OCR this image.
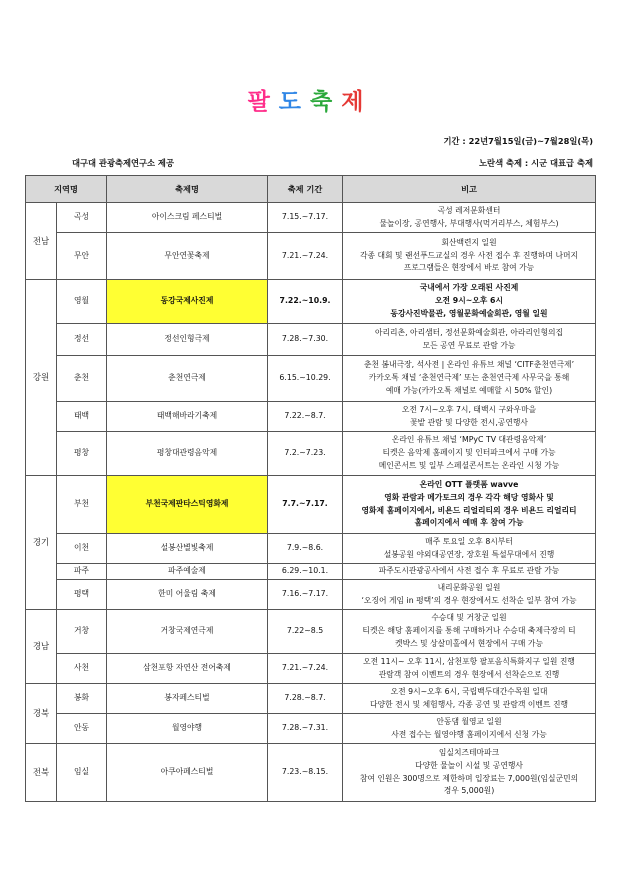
팔도축제
기간 : 22년7월15일(금)~7월28일(목)
대구대 관광축제연구소 제공	노란색 축제 : 시군 대표급 축제
지역명		축제명	축제 기간	비고
전남	곡성	아이스크림 페스티벌	7.15.~7.17.	곡성 레저문화센터
물놀이장, 공연행사, 부대행사(먹거리부스, 체험부스)

	무안	무안연꽃축제	7.21.~7.24.	회산백련지 일원
각종 대회 및 랜선푸드교실의 경우 사전 접수 후 진행하며 나머지
프로그램들은 현장에서 바로 참여 가능

강원	영월	동강국제사진제	7.22.~10.9.	국내에서 가장 오래된 사진제
오전 9시~오후 6시
동강사진박물관, 영월문화예술회관, 영월 일원

	정선	정선인형극제	7.28.~7.30.	아리리촌, 아리샘터, 정선문화예술회관, 아라리인형의집
모든 공연 무료로 관람 가능

	춘천	춘천연극제	6.15.~10.29.	춘천 봄내극장, 석사전 | 온라인 유튜브 채널 ‘CITF춘천연극제’
카카오톡 채널 ‘춘천연극제’ 또는 춘천연극제 사무국을 통해
예매 가능(카카오톡 채널로 예매할 시 50% 할인)

	태백	태백해바라기축제	7.22.~8.7.	오전 7시~오후 7시, 태백시 구와우마을
꽃밭 관람 및 다양한 전시,공연행사

	평창	평창대관령음악제	7.2.~7.23.	온라인 유튜브 채널 ‘MPyC TV 대관령음악제’
티켓은 음악제 홈페이지 및 인터파크에서 구매 가능
메인콘서트 및 일부 스페셜콘서트는 온라인 시청 가능

경기	부천	부천국제판타스틱영화제	7.7.~7.17.	온라인 OTT 플랫폼 wavve
영화 관람과 메가토크의 경우 각각 해당 영화사 및
영화제 홈페이지에서, 비욘드 리얼리티의 경우 비욘드 리얼리티
홈페이지에서 예매 후 참여 가능

	이천	설봉산별빛축제	7.9.~8.6.	매주 토요일 오후 8시부터
설봉공원 야외대공연장, 장호원 특설무대에서 진행

	파주	파주예술제	6.29.~10.1.	파주도시관광공사에서 사전 접수 후 무료로 관람 가능

	평택	한미 어울림 축제	7.16.~7.17.	내리문화공원 일원
‘오징어 게임 in 평택’의 경우 현장에서도 선착순 일부 참여 가능

경남	거창	거창국제연극제	7.22~8.5	수승대 및 거창군 일원
티켓은 해당 홈페이지를 통해 구매하거나 수승대 축제극장의 티
켓박스 및 상살미홀에서 현장에서 구매 가능

	사천	삼천포항 자연산 전어축제	7.21.~7.24.	오전 11시~ 오후 11시, 삼천포항 팔포음식특화지구 일원 진행
관람객 참여 이벤트의 경우 현장에서 선착순으로 진행

경북	봉화	봉자페스티벌	7.28.~8.7.	오전 9시~오후 6시, 국립백두대간수목원 일대
다양한 전시 및 체험행사, 각종 공연 및 관람객 이벤트 진행

	안동	월영야행	7.28.~7.31.	안동댐 월영교 일원
사전 접수는 월영야행 홈페이지에서 신청 가능

전북	임실	아쿠아페스티벌	7.23.~8.15.	임실치즈테마파크
다양한 물놀이 시설 및 공연행사
참여 인원은 300명으로 제한하며 입장료는 7,000원(임실군민의
경우 5,000원)
